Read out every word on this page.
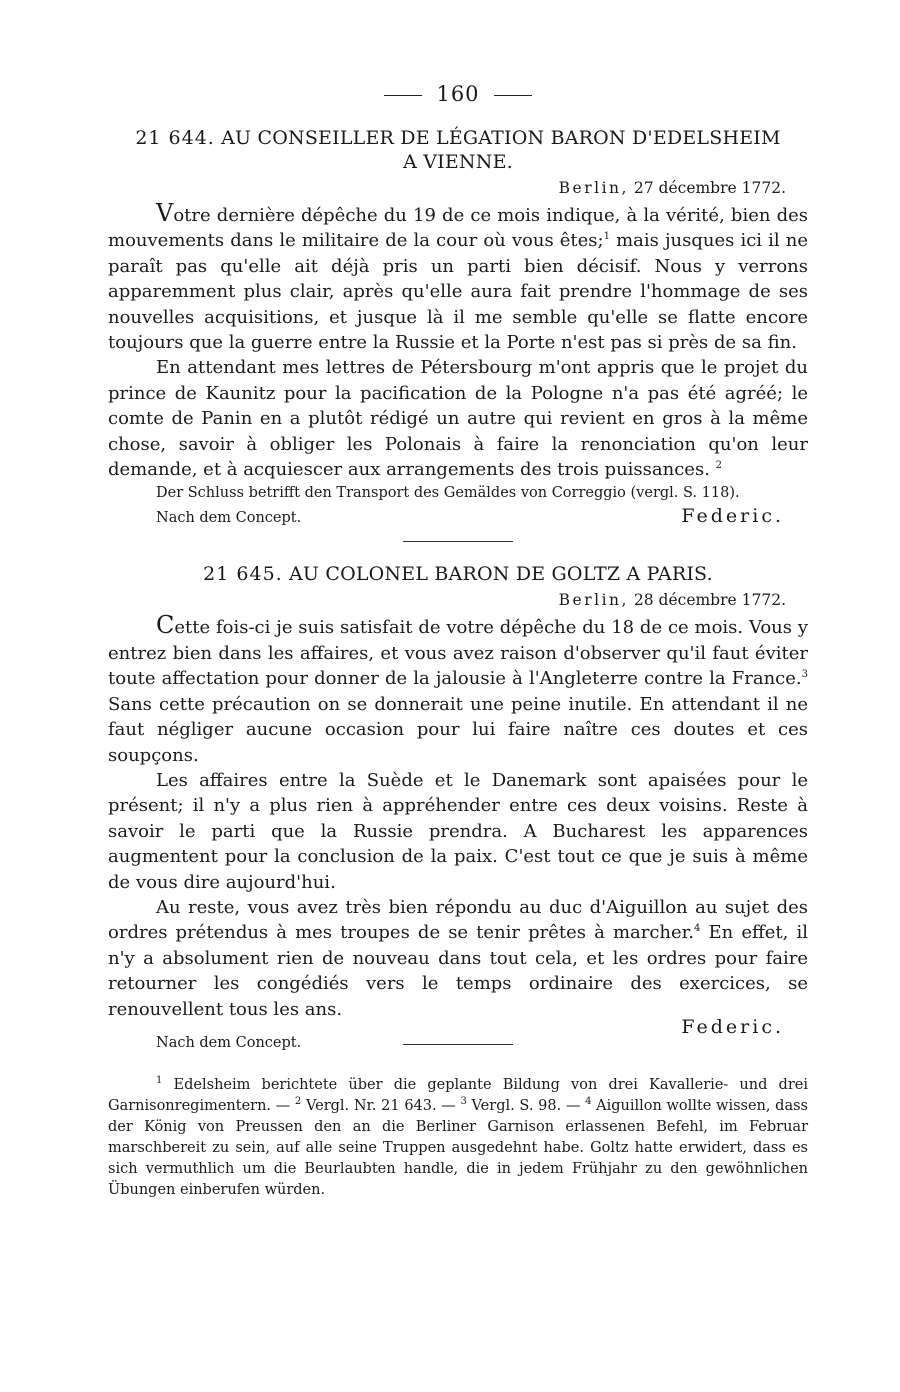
160
21 644. AU CONSEILLER DE LÉGATION BARON D'EDELSHEIM
A VIENNE.
Berlin, 27 décembre 1772.

Votre dernière dépêche du 19 de ce mois indique, à la vérité, bien des mouvements dans le militaire de la cour où vous êtes;$^1$ mais jusques ici il ne paraît pas qu'elle ait déjà pris un parti bien décisif. Nous y verrons apparemment plus clair, après qu'elle aura fait prendre l'hommage de ses nouvelles acquisitions, et jusque là il me semble qu'elle se flatte encore toujours que la guerre entre la Russie et la Porte n'est pas si près de sa fin.

En attendant mes lettres de Pétersbourg m'ont appris que le projet du prince de Kaunitz pour la pacification de la Pologne n'a pas été agréé; le comte de Panin en a plutôt rédigé un autre qui revient en gros à la même chose, savoir à obliger les Polonais à faire la renonciation qu'on leur demande, et à acquiescer aux arrangements des trois puissances. $^2$

Der Schluss betrifft den Transport des Gemäldes von Correggio (vergl. S. 118).

Nach dem Concept.	Federic.
21 645. AU COLONEL BARON DE GOLTZ A PARIS.
Berlin, 28 décembre 1772.

Cette fois-ci je suis satisfait de votre dépêche du 18 de ce mois. Vous y entrez bien dans les affaires, et vous avez raison d'observer qu'il faut éviter toute affectation pour donner de la jalousie à l'Angleterre contre la France.$^3$ Sans cette précaution on se donnerait une peine inutile. En attendant il ne faut négliger aucune occasion pour lui faire naître ces doutes et ces soupçons.

Les affaires entre la Suède et le Danemark sont apaisées pour le présent; il n'y a plus rien à appréhender entre ces deux voisins. Reste à savoir le parti que la Russie prendra. A Bucharest les apparences augmentent pour la conclusion de la paix. C'est tout ce que je suis à même de vous dire aujourd'hui.

Au reste, vous avez très bien répondu au duc d'Aiguillon au sujet des ordres prétendus à mes troupes de se tenir prêtes à marcher.$^4$ En effet, il n'y a absolument rien de nouveau dans tout cela, et les ordres pour faire retourner les congédiés vers le temps ordinaire des exercices, se renouvellent tous les ans.

Nach dem Concept.
Federic.

$^1$ Edelsheim berichtete über die geplante Bildung von drei Kavallerie- und drei Garnisonregimentern. — $^2$ Vergl. Nr. 21 643. — $^3$ Vergl. S. 98. — $^4$ Aiguillon wollte wissen, dass der König von Preussen den an die Berliner Garnison erlassenen Befehl, im Februar marschbereit zu sein, auf alle seine Truppen ausgedehnt habe. Goltz hatte erwidert, dass es sich vermuthlich um die Beurlaubten handle, die in jedem Frühjahr zu den gewöhnlichen Übungen einberufen würden.
